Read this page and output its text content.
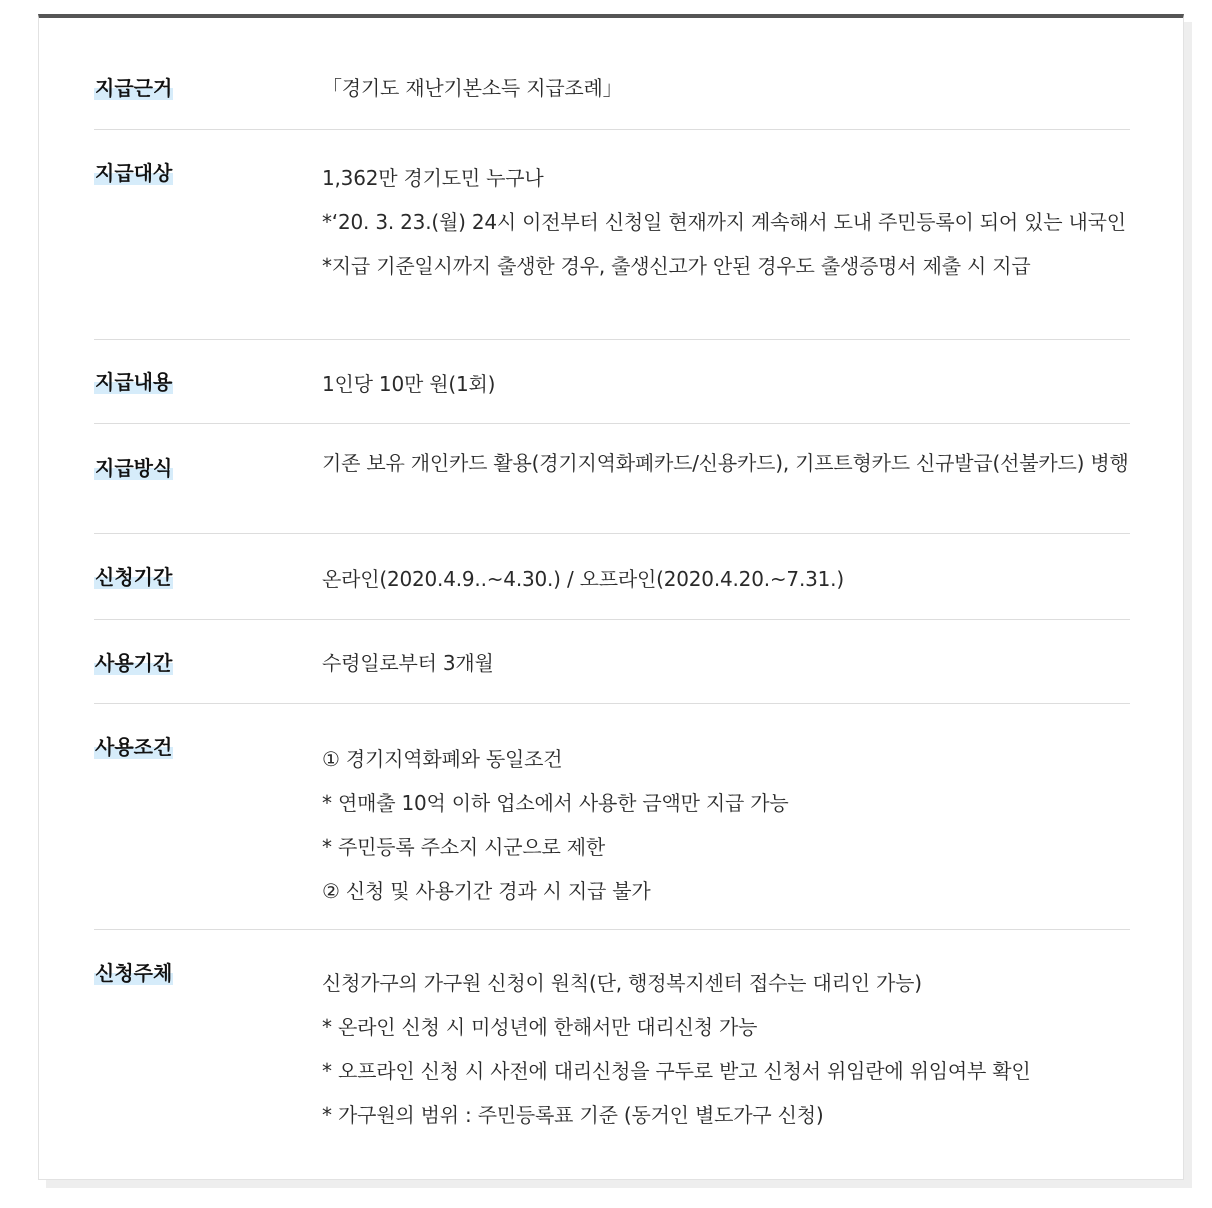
지급근거	「경기도 재난기본소득 지급조례」

지급대상	1,362만 경기도민 누구나

*‘20. 3. 23.(월) 24시 이전부터 신청일 현재까지 계속해서 도내 주민등록이 되어 있는 내국인

*지급 기준일시까지 출생한 경우, 출생신고가 안된 경우도 출생증명서 제출 시 지급

지급내용	1인당 10만 원(1회)

지급방식	기존 보유 개인카드 활용(경기지역화폐카드/신용카드), 기프트형카드 신규발급(선불카드) 병행

신청기간	온라인(2020.4.9..~4.30.) / 오프라인(2020.4.20.~7.31.)

사용기간	수령일로부터 3개월

사용조건	① 경기지역화폐와 동일조건

* 연매출 10억 이하 업소에서 사용한 금액만 지급 가능

* 주민등록 주소지 시군으로 제한

② 신청 및 사용기간 경과 시 지급 불가

신청주체	신청가구의 가구원 신청이 원칙(단, 행정복지센터 접수는 대리인 가능)

* 온라인 신청 시 미성년에 한해서만 대리신청 가능

* 오프라인 신청 시 사전에 대리신청을 구두로 받고 신청서 위임란에 위임여부 확인

* 가구원의 범위 : 주민등록표 기준 (동거인 별도가구 신청)
